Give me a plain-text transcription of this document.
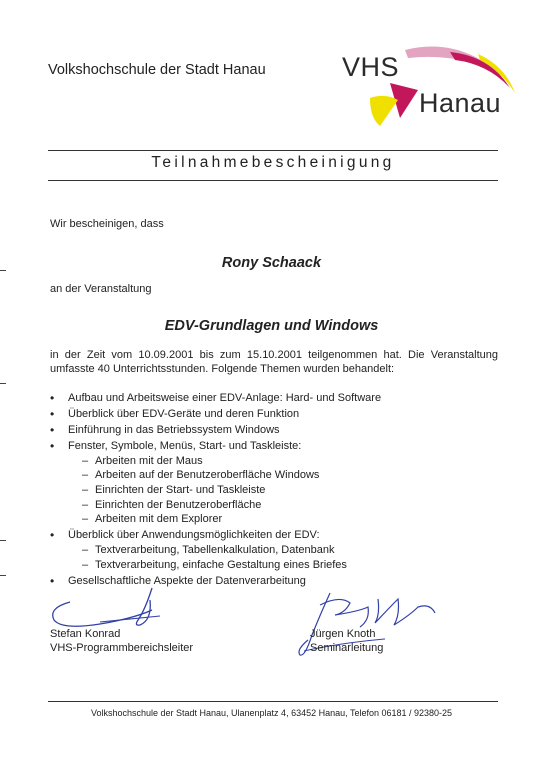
Volkshochschule der Stadt Hanau	VHS
Hanau
Teilnahmebescheinigung
Wir bescheinigen, dass
Rony Schaack
an der Veranstaltung
EDV-Grundlagen und Windows
in der Zeit vom 10.09.2001 bis zum 15.10.2001 teilgenommen hat. Die Veranstaltung umfasste 40 Unterrichtsstunden. Folgende Themen wurden behandelt:
• Aufbau und Arbeitsweise einer EDV-Anlage: Hard- und Software
• Überblick über EDV-Geräte und deren Funktion
• Einführung in das Betriebssystem Windows
• Fenster, Symbole, Menüs, Start- und Taskleiste:
– Arbeiten mit der Maus
– Arbeiten auf der Benutzeroberfläche Windows
– Einrichten der Start- und Taskleiste
– Einrichten der Benutzeroberfläche
– Arbeiten mit dem Explorer
• Überblick über Anwendungsmöglichkeiten der EDV:
– Textverarbeitung, Tabellenkalkulation, Datenbank
– Textverarbeitung, einfache Gestaltung eines Briefes
• Gesellschaftliche Aspekte der Datenverarbeitung
Stefan Konrad
VHS-Programmbereichsleiter
Jürgen Knoth
Seminarleitung
Volkshochschule der Stadt Hanau, Ulanenplatz 4, 63452 Hanau, Telefon 06181 / 92380-25
